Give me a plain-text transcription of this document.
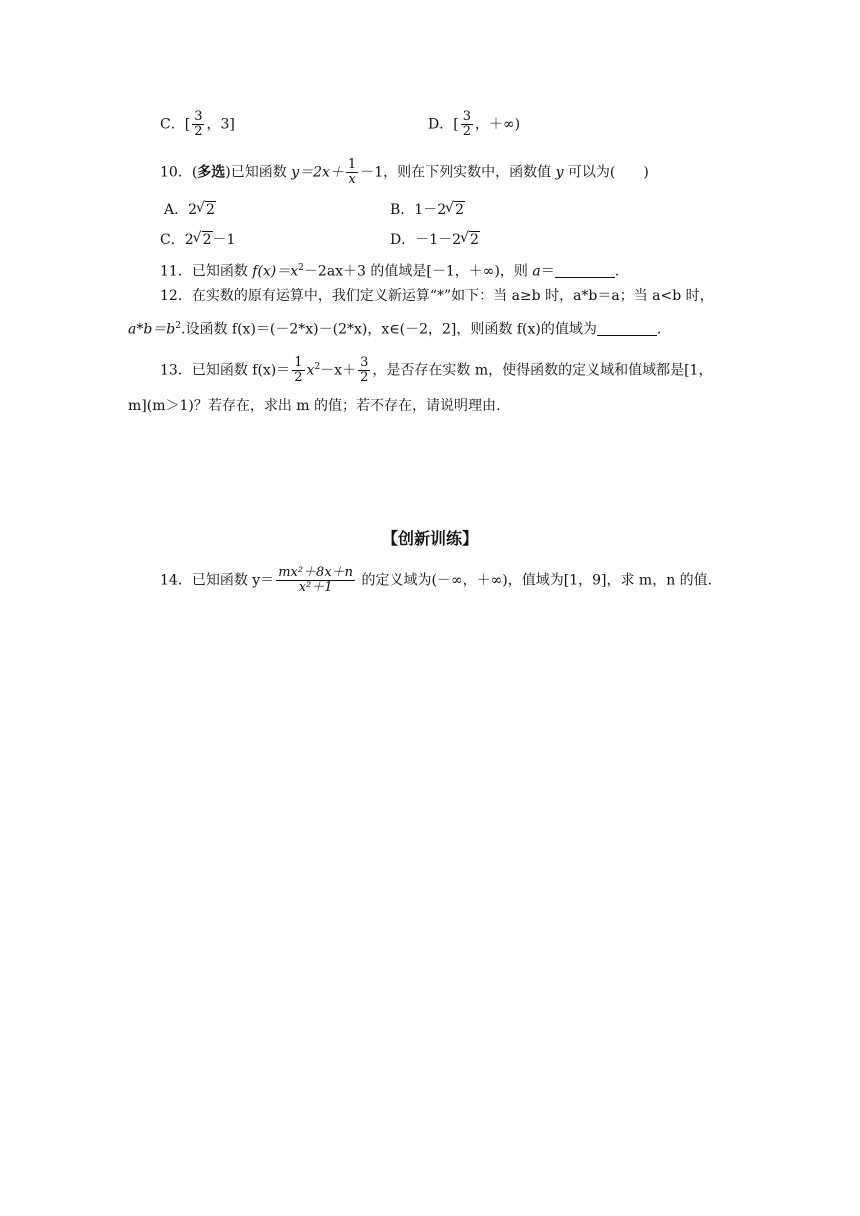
C．[ $\frac{3}{2}$ ，3]	D．[ $\frac{3}{2}$ ，＋∞)
10．(多选)已知函数 $y=2x+ \frac{1}{x} -1$，则在下列实数中，函数值 y 可以为(　　)
A．2 √ 2	B．1－2 √ 2
C．2 √ 2－1	D．－1－2 √ 2
11．已知函数 $f(x)=x^2-2ax+3$ 的值域是[－1，＋∞)，则 a＝	.
12．在实数的原有运算中，我们定义新运算“*”如下：当 a≥b 时，a*b＝a；当 a<b 时，
$a*b=b^2$.设函数 f(x)＝(－2*x)－(2*x)，x∈(－2，2]，则函数 f(x)的值域为	.
13．已知函数 $f(x)= \frac{1}{2} x^2-x+ \frac{3}{2}$ ，是否存在实数 m，使得函数的定义域和值域都是[1，
m](m＞1)？若存在，求出 m 的值；若不存在，请说明理由.
【创新训练】
14．已知函数 $y= \frac{\text{mx²＋8x＋n}}{\text{x²＋1}}$ 的定义域为(－∞，＋∞)，值域为[1，9]，求 m，n 的值.
